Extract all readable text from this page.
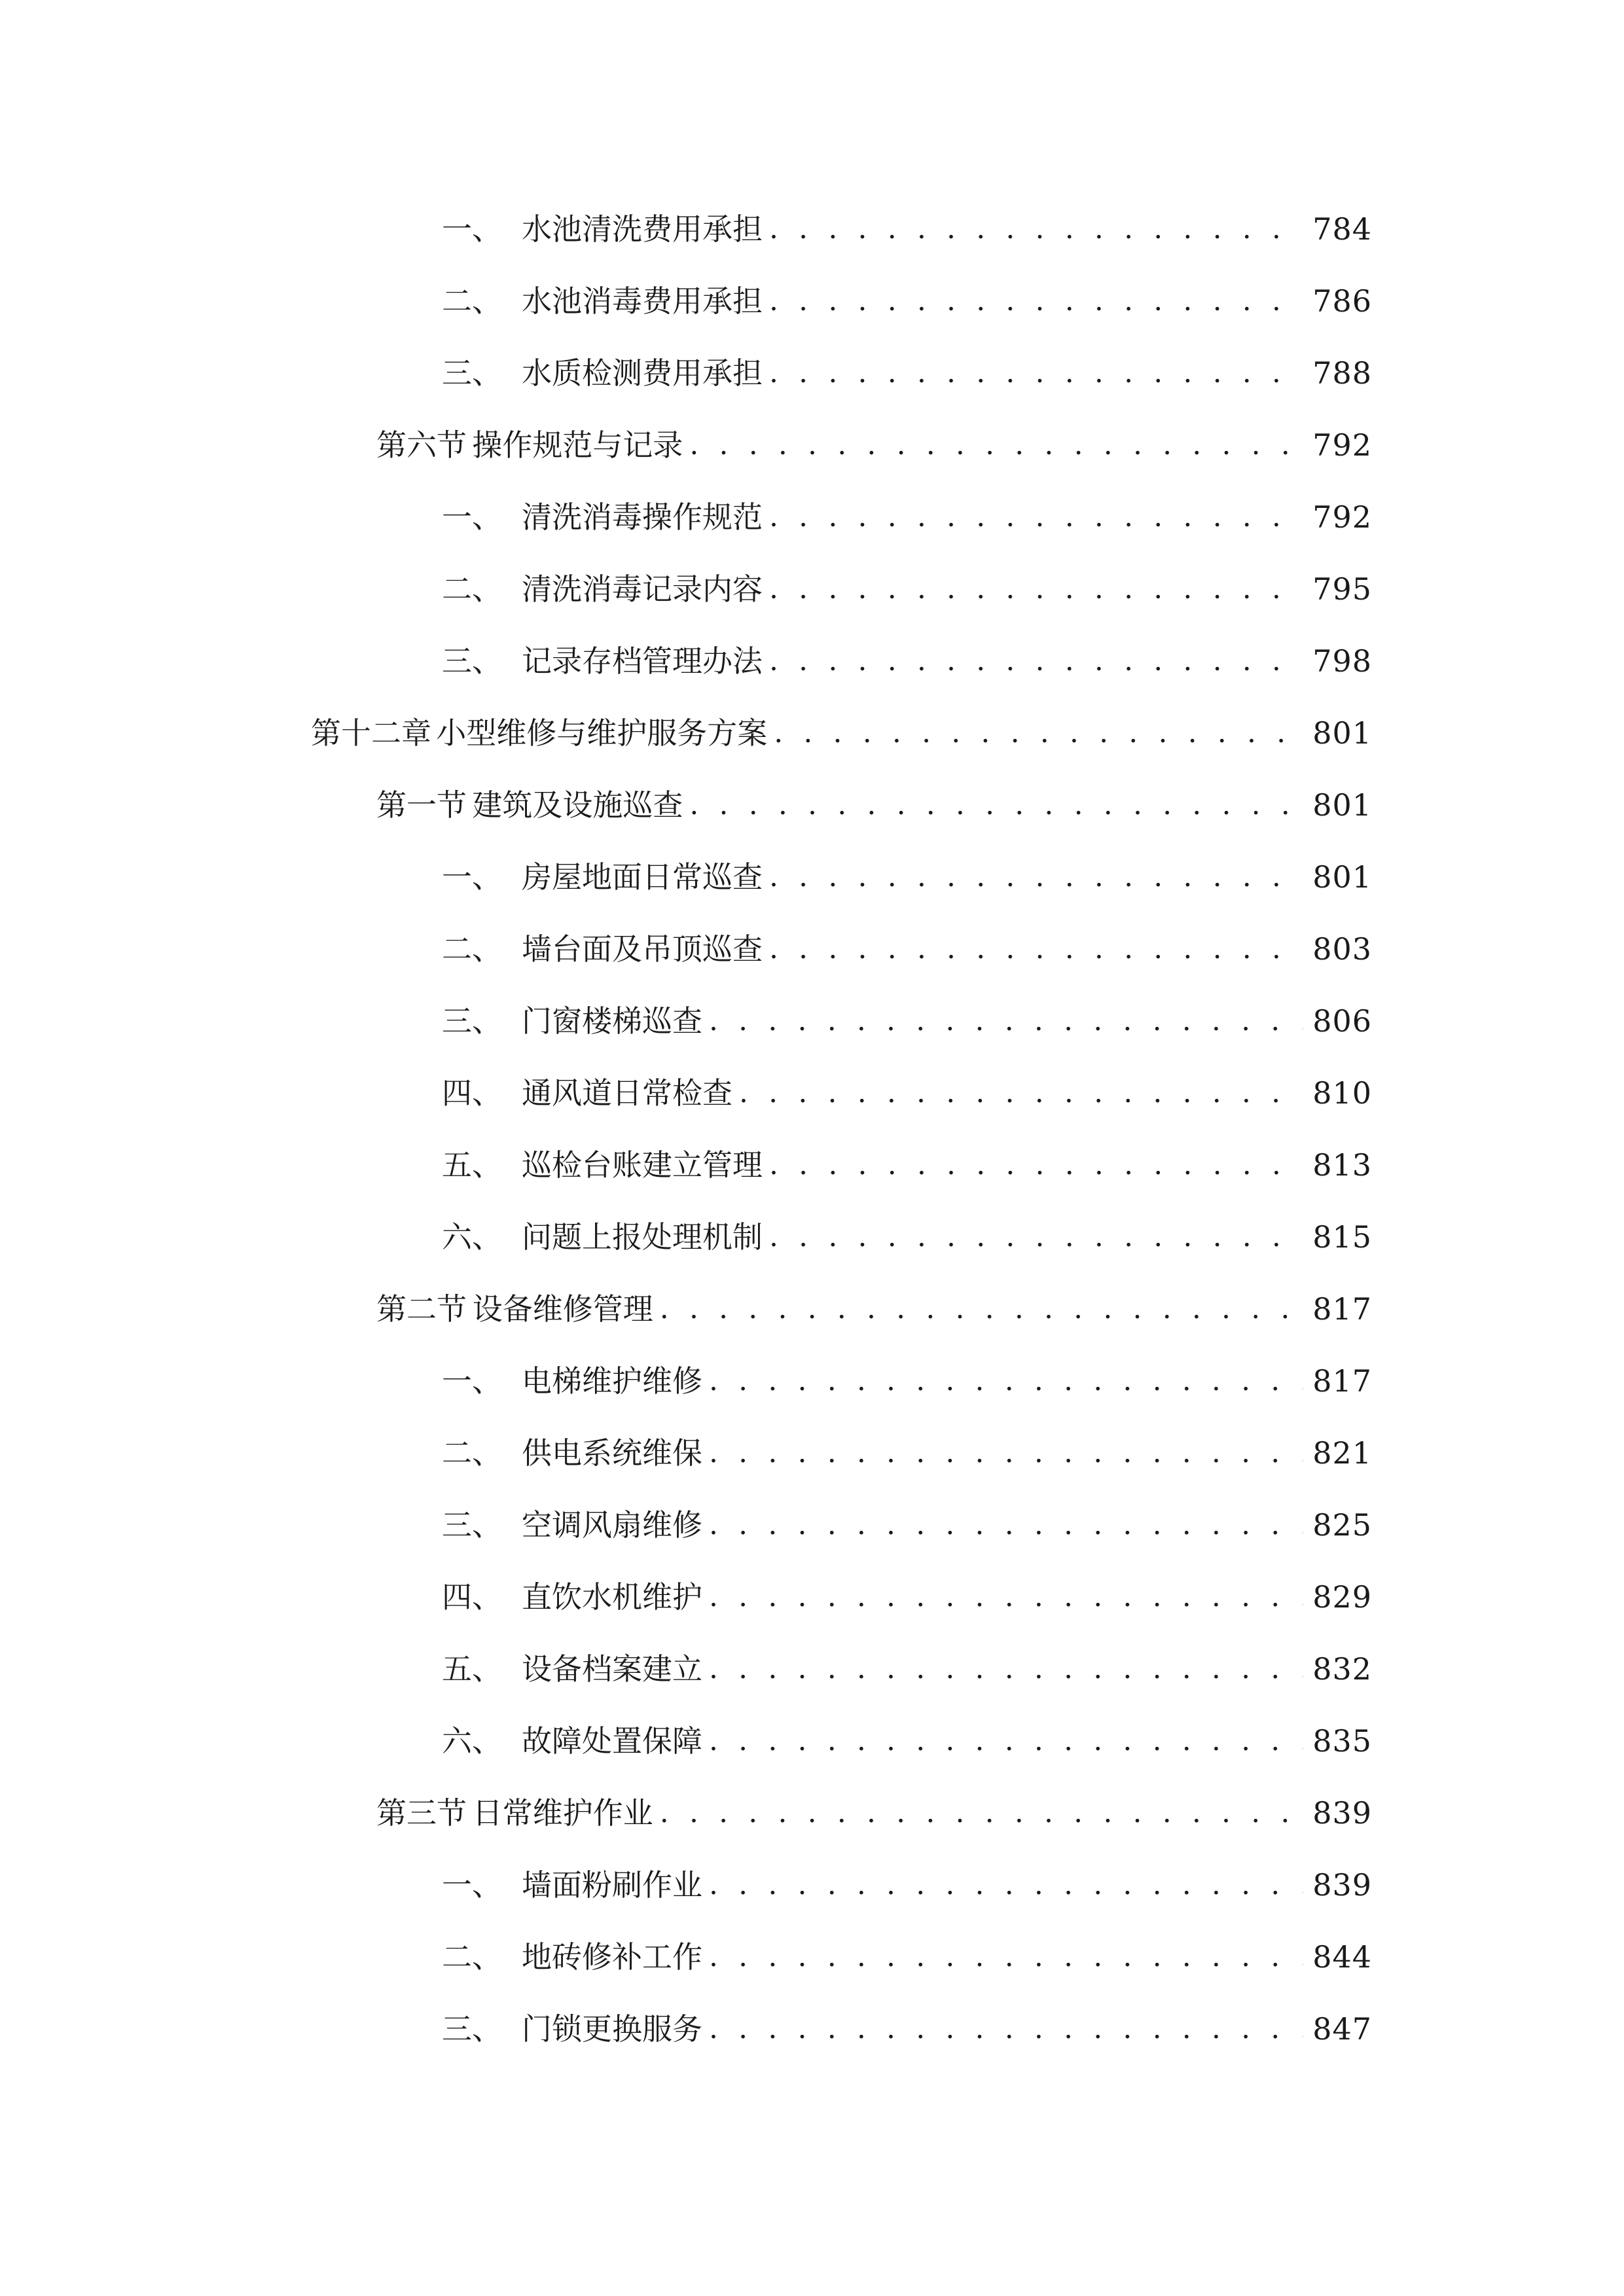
一、 水池清洗费用承担 . . .	784
二、 水池消毒费用承担 . . .	786
三、 水质检测费用承担 . . .	788
第六节 操作规范与记录 . . .	792
一、 清洗消毒操作规范 . . .	792
二、 清洗消毒记录内容 . . .	795
三、 记录存档管理办法 . . .	798
第十二章 小型维修与维护服务方案 . . .	801
第一节 建筑及设施巡查 . . .	801
一、 房屋地面日常巡查 . . .	801
二、 墙台面及吊顶巡查 . . .	803
三、 门窗楼梯巡查 . . .	806
四、 通风道日常检查 . . .	810
五、 巡检台账建立管理 . . .	813
六、 问题上报处理机制 . . .	815
第二节 设备维修管理 . . .	817
一、 电梯维护维修 . . .	817
二、 供电系统维保 . . .	821
三、 空调风扇维修 . . .	825
四、 直饮水机维护 . . .	829
五、 设备档案建立 . . .	832
六、 故障处置保障 . . .	835
第三节 日常维护作业 . . .	839
一、 墙面粉刷作业 . . .	839
二、 地砖修补工作 . . .	844
三、 门锁更换服务 . . .	847
